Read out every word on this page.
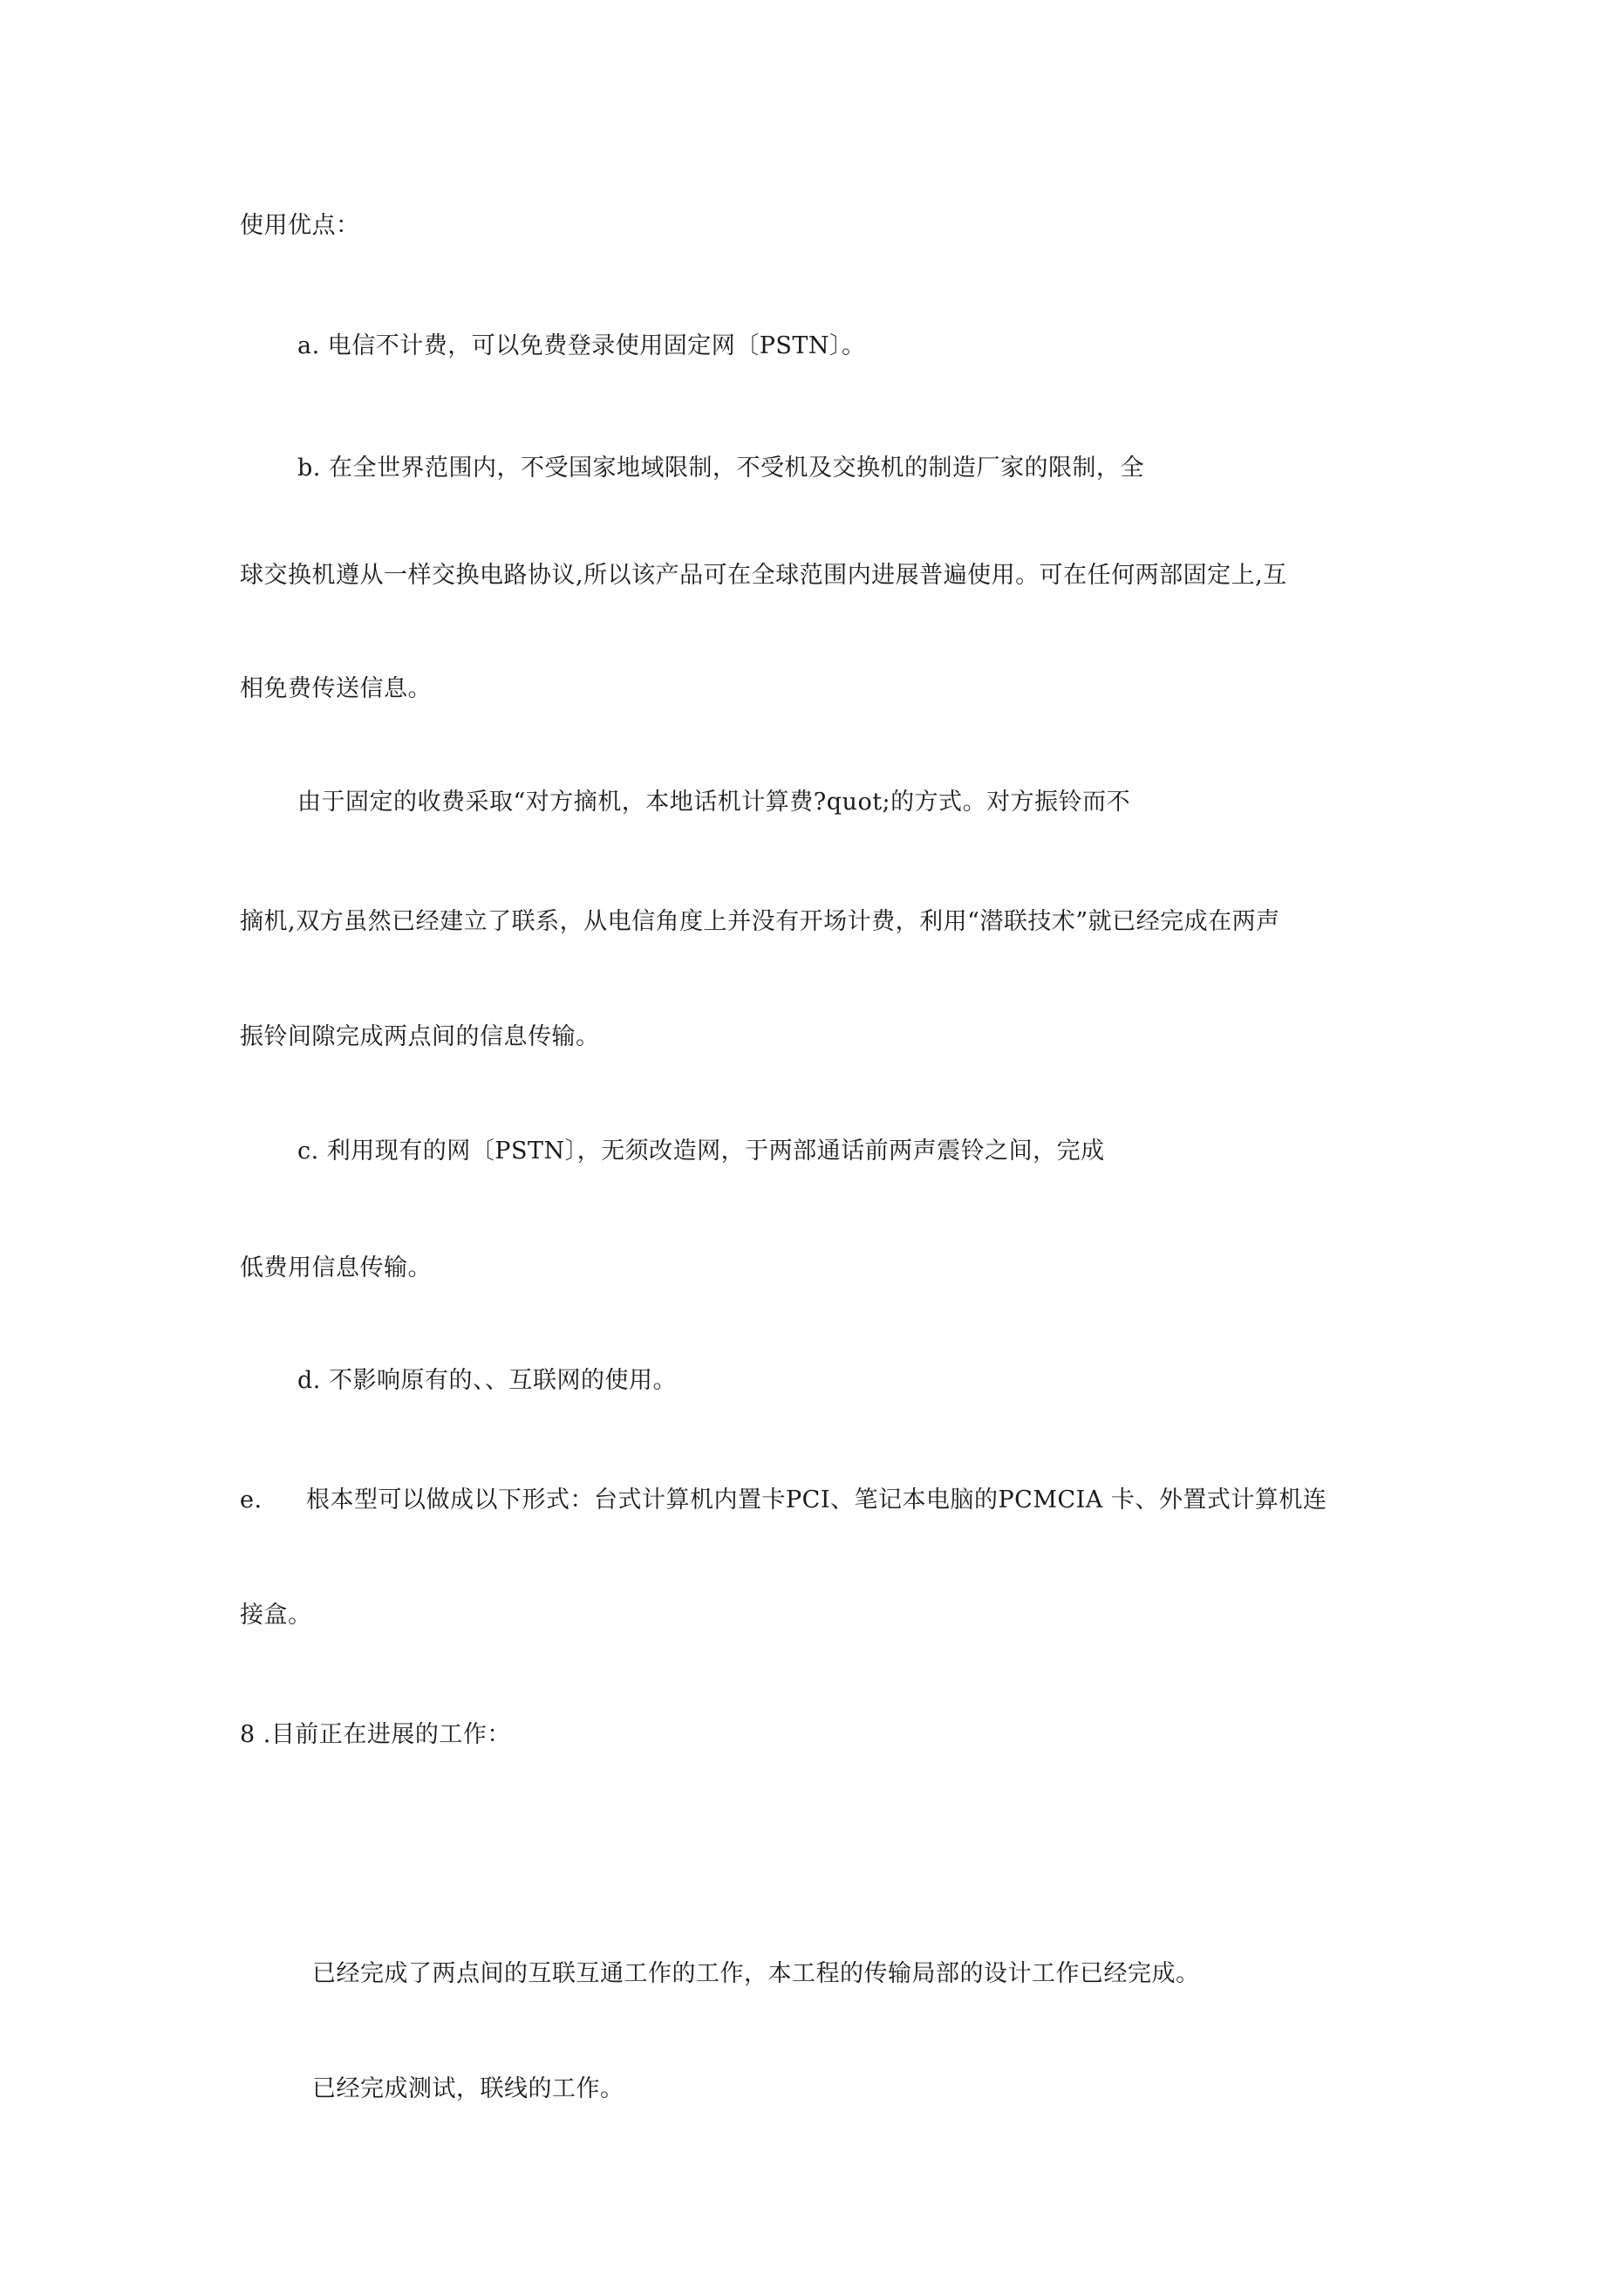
使用优点：
a. 电信不计费，可以免费登录使用固定网〔PSTN〕。
b. 在全世界范围内，不受国家地域限制，不受机及交换机的制造厂家的限制，全
球交换机遵从一样交换电路协议,所以该产品可在全球范围内进展普遍使用。可在任何两部固定上,互
相免费传送信息。
由于固定的收费采取“对方摘机，本地话机计算费?quot;的方式。对方振铃而不
摘机,双方虽然已经建立了联系，从电信角度上并没有开场计费，利用“潜联技术”就已经完成在两声
振铃间隙完成两点间的信息传输。
c. 利用现有的网〔PSTN〕，无须改造网，于两部通话前两声震铃之间，完成
低费用信息传输。
d. 不影响原有的、、互联网的使用。
e. 根本型可以做成以下形式：台式计算机内置卡PCI、笔记本电脑的PCMCIA 卡、外置式计算机连
接盒。
8 .目前正在进展的工作：
已经完成了两点间的互联互通工作的工作，本工程的传输局部的设计工作已经完成。
已经完成测试，联线的工作。
